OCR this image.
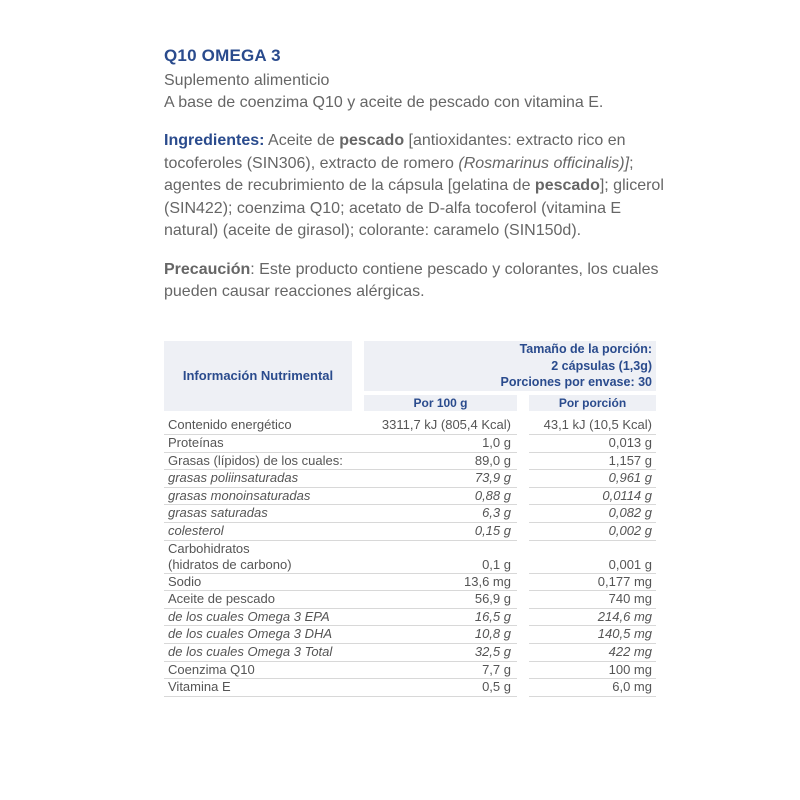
Q10 OMEGA 3

Suplemento alimenticio

A base de coenzima Q10 y aceite de pescado con vitamina E.

Ingredientes: Aceite de pescado [antioxidantes: extracto rico en tocoferoles (SIN306), extracto de romero (Rosmarinus officinalis)]; agentes de recubrimiento de la cápsula [gelatina de pescado]; glicerol (SIN422); coenzima Q10; acetato de D-alfa tocoferol (vitamina E natural) (aceite de girasol); colorante: caramelo (SIN150d).

Precaución: Este producto contiene pescado y colorantes, los cuales pueden causar reacciones alérgicas.

Información Nutrimental		Tamaño de la porción:
2 cápsulas (1,3g)
Porciones por envase: 30		

		Por 100 g		Por porción

Contenido energético		3311,7 kJ (805,4 Kcal)		43,1 kJ (10,5 Kcal)
Proteínas		1,0 g		0,013 g
Grasas (lípidos) de los cuales:		89,0 g		1,157 g
grasas poliinsaturadas		73,9 g		0,961 g
grasas monoinsaturadas		0,88 g		0,0114 g
grasas saturadas		6,3 g		0,082 g
colesterol		0,15 g		0,002 g
Carbohidratos
(hidratos de carbono)		0,1 g		0,001 g
Sodio		13,6 mg		0,177 mg
Aceite de pescado		56,9 g		740 mg
de los cuales Omega 3 EPA		16,5 g		214,6 mg
de los cuales Omega 3 DHA		10,8 g		140,5 mg
de los cuales Omega 3 Total		32,5 g		422 mg
Coenzima Q10		7,7 g		100 mg
Vitamina E		0,5 g		6,0 mg
